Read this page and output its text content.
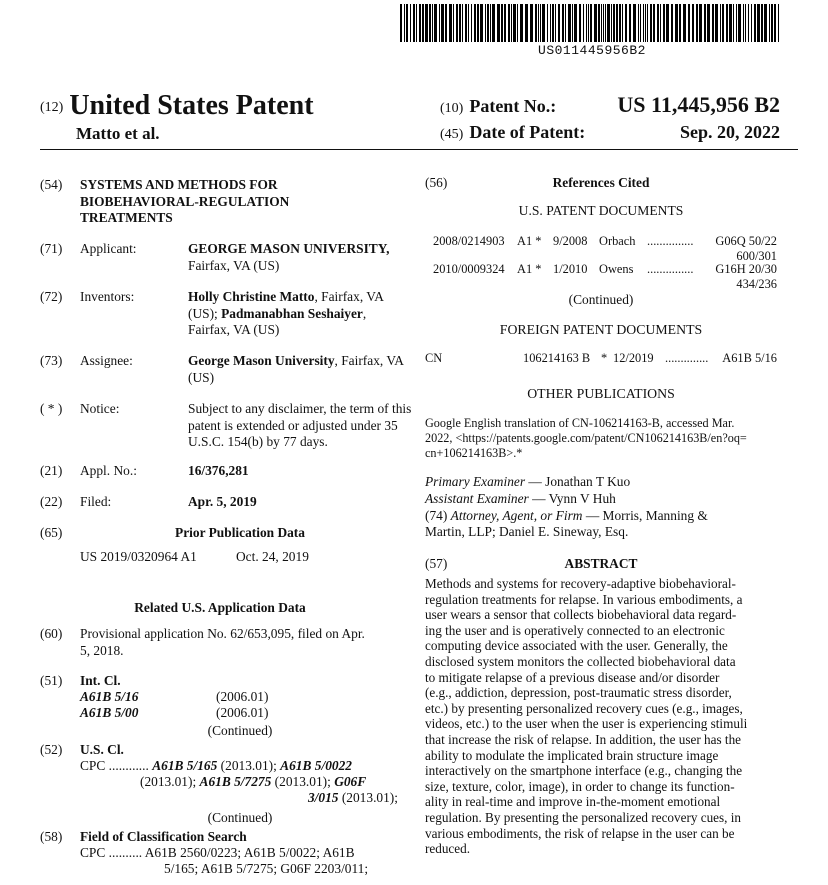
US011445956B2
(12) United States Patent
Matto et al.
(10) Patent No.:	US 11,445,956 B2
(45) Date of Patent:	Sep. 20, 2022
(54) SYSTEMS AND METHODS FOR
BIOBEHAVIORAL-REGULATION
TREATMENTS
(71) Applicant:	GEORGE MASON UNIVERSITY,
Fairfax, VA (US)
(72) Inventors:	Holly Christine Matto, Fairfax, VA
(US); Padmanabhan Seshaiyer,
Fairfax, VA (US)
(73) Assignee:	George Mason University, Fairfax, VA
(US)
( * ) Notice:	Subject to any disclaimer, the term of this
patent is extended or adjusted under 35
U.S.C. 154(b) by 77 days.
(21) Appl. No.:	16/376,281
(22) Filed:	Apr. 5, 2019
(65)	Prior Publication Data
US 2019/0320964 A1	Oct. 24, 2019
Related U.S. Application Data
(60) Provisional application No. 62/653,095, filed on Apr.
5, 2018.
(51) Int. Cl.
A61B 5/16	(2006.01)
A61B 5/00	(2006.01)
(Continued)
(52) U.S. Cl.
CPC ............ A61B 5/165 (2013.01); A61B 5/0022
(2013.01); A61B 5/7275 (2013.01); G06F
3/015 (2013.01);
(Continued)
(58) Field of Classification Search
CPC .......... A61B 2560/0223; A61B 5/0022; A61B
5/165; A61B 5/7275; G06F 2203/011;
(56)	References Cited
U.S. PATENT DOCUMENTS
2008/0214903 A1 * 9/2008 Orbach ............... G06Q 50/22
600/301
2010/0009324 A1 * 1/2010 Owens ............... G16H 20/30
434/236
(Continued)
FOREIGN PATENT DOCUMENTS
CN	106214163 B * 12/2019 .............. A61B 5/16
OTHER PUBLICATIONS
Google English translation of CN-106214163-B, accessed Mar.
2022, <https://patents.google.com/patent/CN106214163B/en?oq=
cn+106214163B>.*
Primary Examiner — Jonathan T Kuo
Assistant Examiner — Vynn V Huh
(74) Attorney, Agent, or Firm — Morris, Manning &
Martin, LLP; Daniel E. Sineway, Esq.
(57)	ABSTRACT
Methods and systems for recovery-adaptive biobehavioral-
regulation treatments for relapse. In various embodiments, a
user wears a sensor that collects biobehavioral data regard-
ing the user and is operatively connected to an electronic
computing device associated with the user. Generally, the
disclosed system monitors the collected biobehavioral data
to mitigate relapse of a previous disease and/or disorder
(e.g., addiction, depression, post-traumatic stress disorder,
etc.) by presenting personalized recovery cues (e.g., images,
videos, etc.) to the user when the user is experiencing stimuli
that increase the risk of relapse. In addition, the user has the
ability to modulate the implicated brain structure image
interactively on the smartphone interface (e.g., changing the
size, texture, color, image), in order to change its function-
ality in real-time and improve in-the-moment emotional
regulation. By presenting the personalized recovery cues, in
various embodiments, the risk of relapse in the user can be
reduced.
